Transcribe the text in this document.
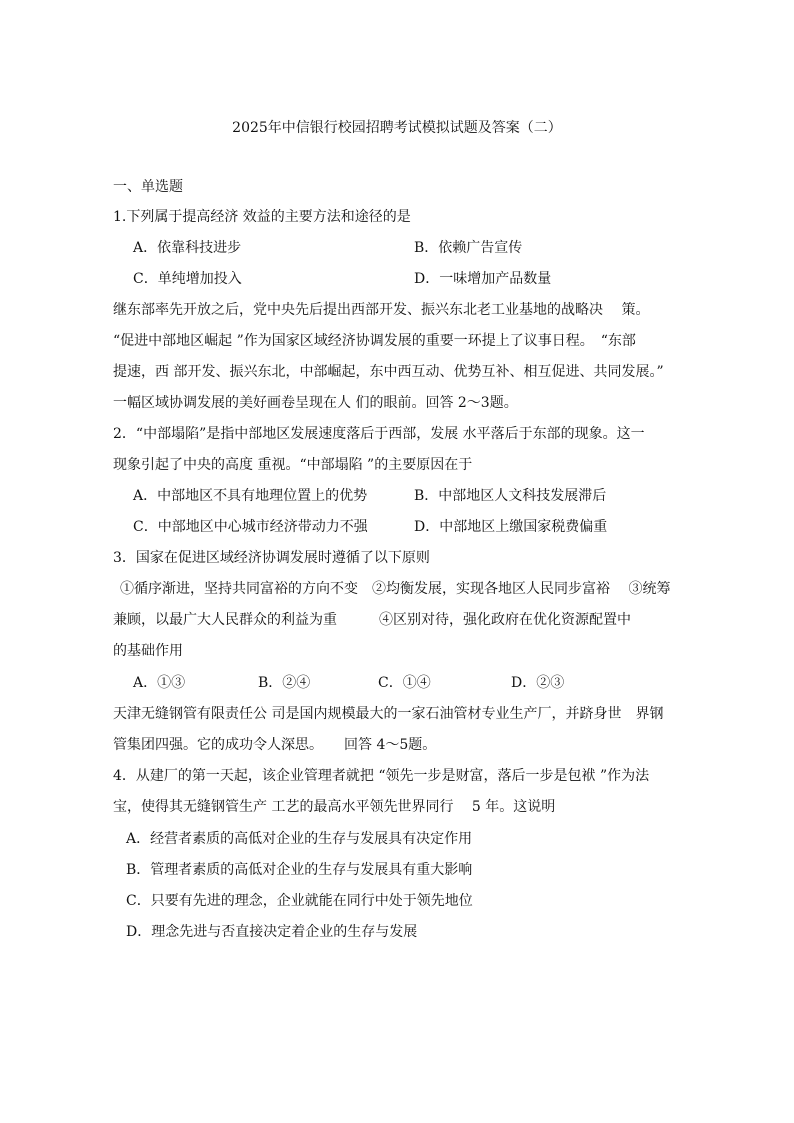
2025年中信银行校园招聘考试模拟试题及答案（二）
一、单选题
1.下列属于提高经济 效益的主要方法和途径的是
A．依靠科技进步	B．依赖广告宣传
C．单纯增加投入	D．一味增加产品数量
继东部率先开放之后，党中央先后提出西部开发、振兴东北老工业基地的战略决　 策。
“促进中部地区崛起 ”作为国家区域经济协调发展的重要一环提上了议事日程。　“东部
提速，西 部开发、振兴东北，中部崛起，东中西互动、优势互补、相互促进、共同发展。”
一幅区域协调发展的美好画卷呈现在人 们的眼前。回答 2～3题。
2．“中部塌陷”是指中部地区发展速度落后于西部，发展 水平落后于东部的现象。这一
现象引起了中央的高度 重视。“中部塌陷 ”的主要原因在于
A．中部地区不具有地理位置上的优势	B．中部地区人文科技发展滞后
C．中部地区中心城市经济带动力不强	D．中部地区上缴国家税费偏重
3．国家在促进区域经济协调发展时遵循了以下原则
①循序渐进，坚持共同富裕的方向不变　②均衡发展，实现各地区人民同步富裕　 ③统筹
兼顾，以最广大人民群众的利益为重　　　④区别对待，强化政府在优化资源配置中
的基础作用
A．①③	B．②④	C．①④	D．②③
天津无缝钢管有限责任公 司是国内规模最大的一家石油管材专业生产厂，并跻身世　界钢
管集团四强。它的成功令人深思。　　回答 4～5题。
4．从建厂的第一天起，该企业管理者就把 “领先一步是财富，落后一步是包袱 ”作为法
宝，使得其无缝钢管生产 工艺的最高水平领先世界同行　 5 年。这说明
A．经营者素质的高低对企业的生存与发展具有决定作用
B．管理者素质的高低对企业的生存与发展具有重大影响
C．只要有先进的理念，企业就能在同行中处于领先地位
D．理念先进与否直接决定着企业的生存与发展
